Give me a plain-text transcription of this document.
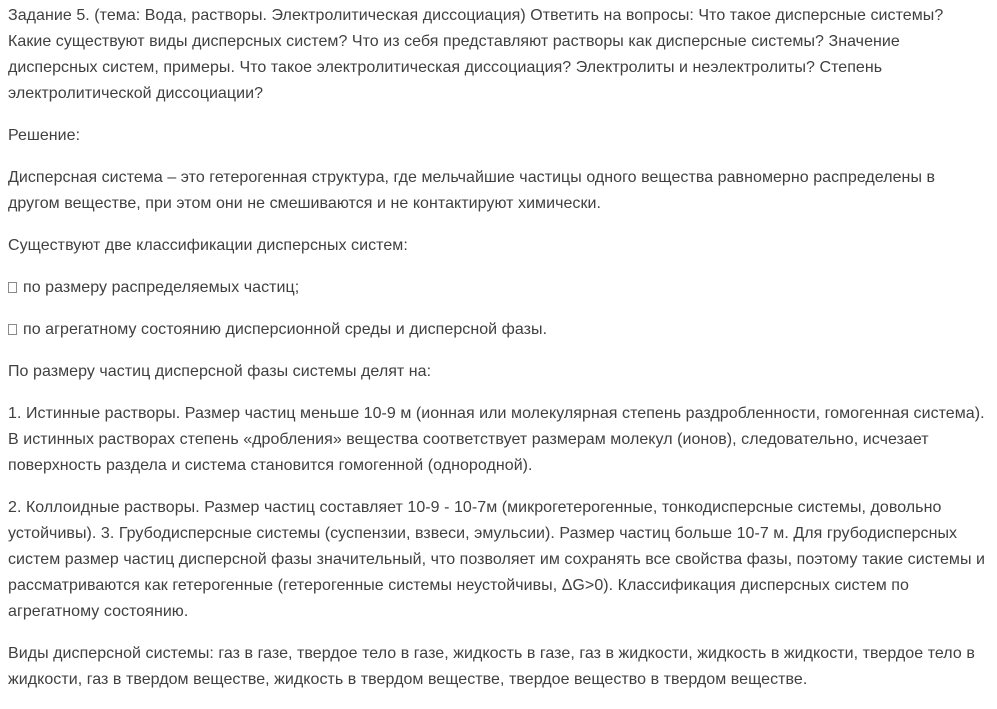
Задание 5. (тема: Вода, растворы. Электролитическая диссоциация) Ответить на вопросы: Что такое дисперсные системы? Какие существуют виды дисперсных систем? Что из себя представляют растворы как дисперсные системы? Значение дисперсных систем, примеры. Что такое электролитическая диссоциация? Электролиты и неэлектролиты? Степень электролитической диссоциации?

Решение:

Дисперсная система – это гетерогенная структура, где мельчайшие частицы одного вещества равномерно распределены в другом веществе, при этом они не смешиваются и не контактируют химически.

Существуют две классификации дисперсных систем:

по размеру распределяемых частиц;

по агрегатному состоянию дисперсионной среды и дисперсной фазы.

По размеру частиц дисперсной фазы системы делят на:

1. Истинные растворы. Размер частиц меньше 10-9 м (ионная или молекулярная степень раздробленности, гомогенная система). В истинных растворах степень «дробления» вещества соответствует размерам молекул (ионов), следовательно, исчезает поверхность раздела и система становится гомогенной (однородной).

2. Коллоидные растворы. Размер частиц составляет 10-9 - 10-7м (микрогетерогенные, тонкодисперсные системы, довольно устойчивы). 3. Грубодисперсные системы (суспензии, взвеси, эмульсии). Размер частиц больше 10-7 м. Для грубодисперсных систем размер частиц дисперсной фазы значительный, что позволяет им сохранять все свойства фазы, поэтому такие системы и рассматриваются как гетерогенные (гетерогенные системы неустойчивы, ΔG>0). Классификация дисперсных систем по агрегатному состоянию.

Виды дисперсной системы: газ в газе, твердое тело в газе, жидкость в газе, газ в жидкости, жидкость в жидкости, твердое тело в жидкости, газ в твердом веществе, жидкость в твердом веществе, твердое вещество в твердом веществе.
